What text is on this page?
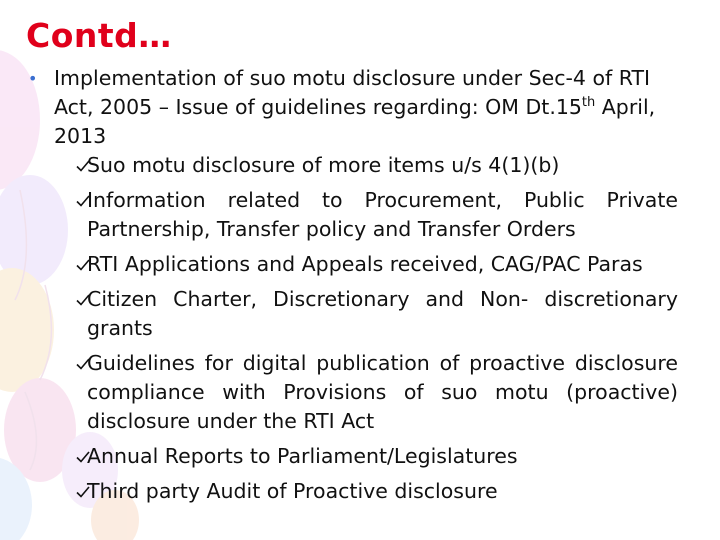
Contd…
• Implementation of suo motu disclosure under Sec-4 of RTI Act, 2005 – Issue of guidelines regarding: OM Dt.15th April, 2013
Suo motu disclosure of more items u/s 4(1)(b)
Information related to Procurement, Public Private Partnership, Transfer policy and Transfer Orders
RTI Applications and Appeals received, CAG/PAC Paras
Citizen Charter, Discretionary and Non- discretionary grants
Guidelines for digital publication of proactive disclosure compliance with Provisions of suo motu (proactive) disclosure under the RTI Act
Annual Reports to Parliament/Legislatures
Third party Audit of Proactive disclosure
